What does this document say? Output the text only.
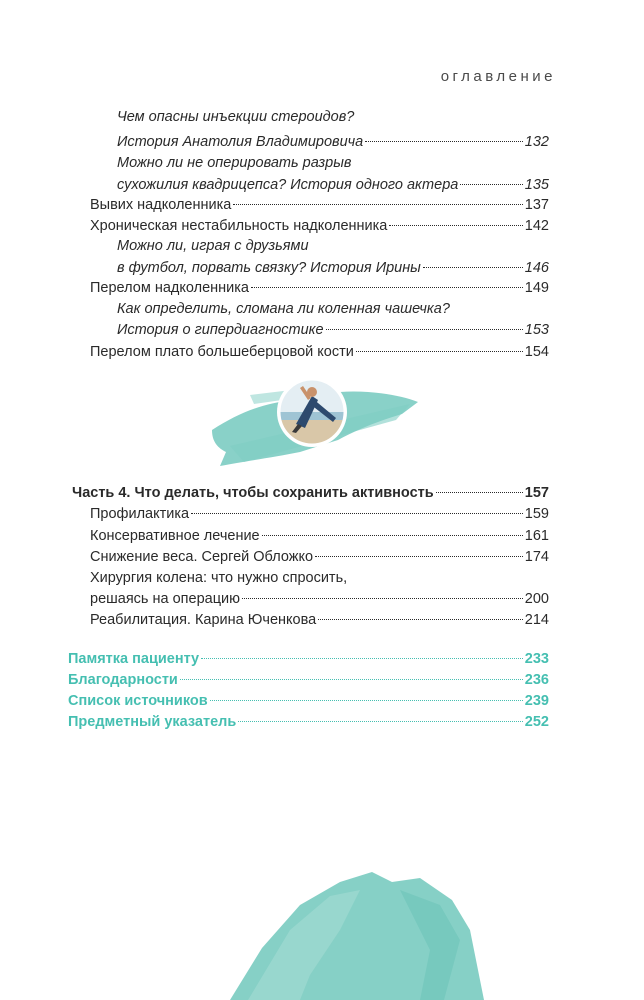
оглавление
Чем опасны инъекции стероидов?
История Анатолия Владимировича	132
Можно ли не оперировать разрыв
сухожилия квадрицепса? История одного актера	135
Вывих надколенника	137
Хроническая нестабильность надколенника	142
Можно ли, играя с друзьями
в футбол, порвать связку? История Ирины	146
Перелом надколенника	149
Как определить, сломана ли коленная чашечка?
История о гипердиагностике	153
Перелом плато большеберцовой кости	154
Часть 4. Что делать, чтобы сохранить активность	157
Профилактика	159
Консервативное лечение	161
Снижение веса. Сергей Обложко	174
Хирургия колена: что нужно спросить,
решаясь на операцию	200
Реабилитация. Карина Юченкова	214
Памятка пациенту	233
Благодарности	236
Список источников	239
Предметный указатель	252
